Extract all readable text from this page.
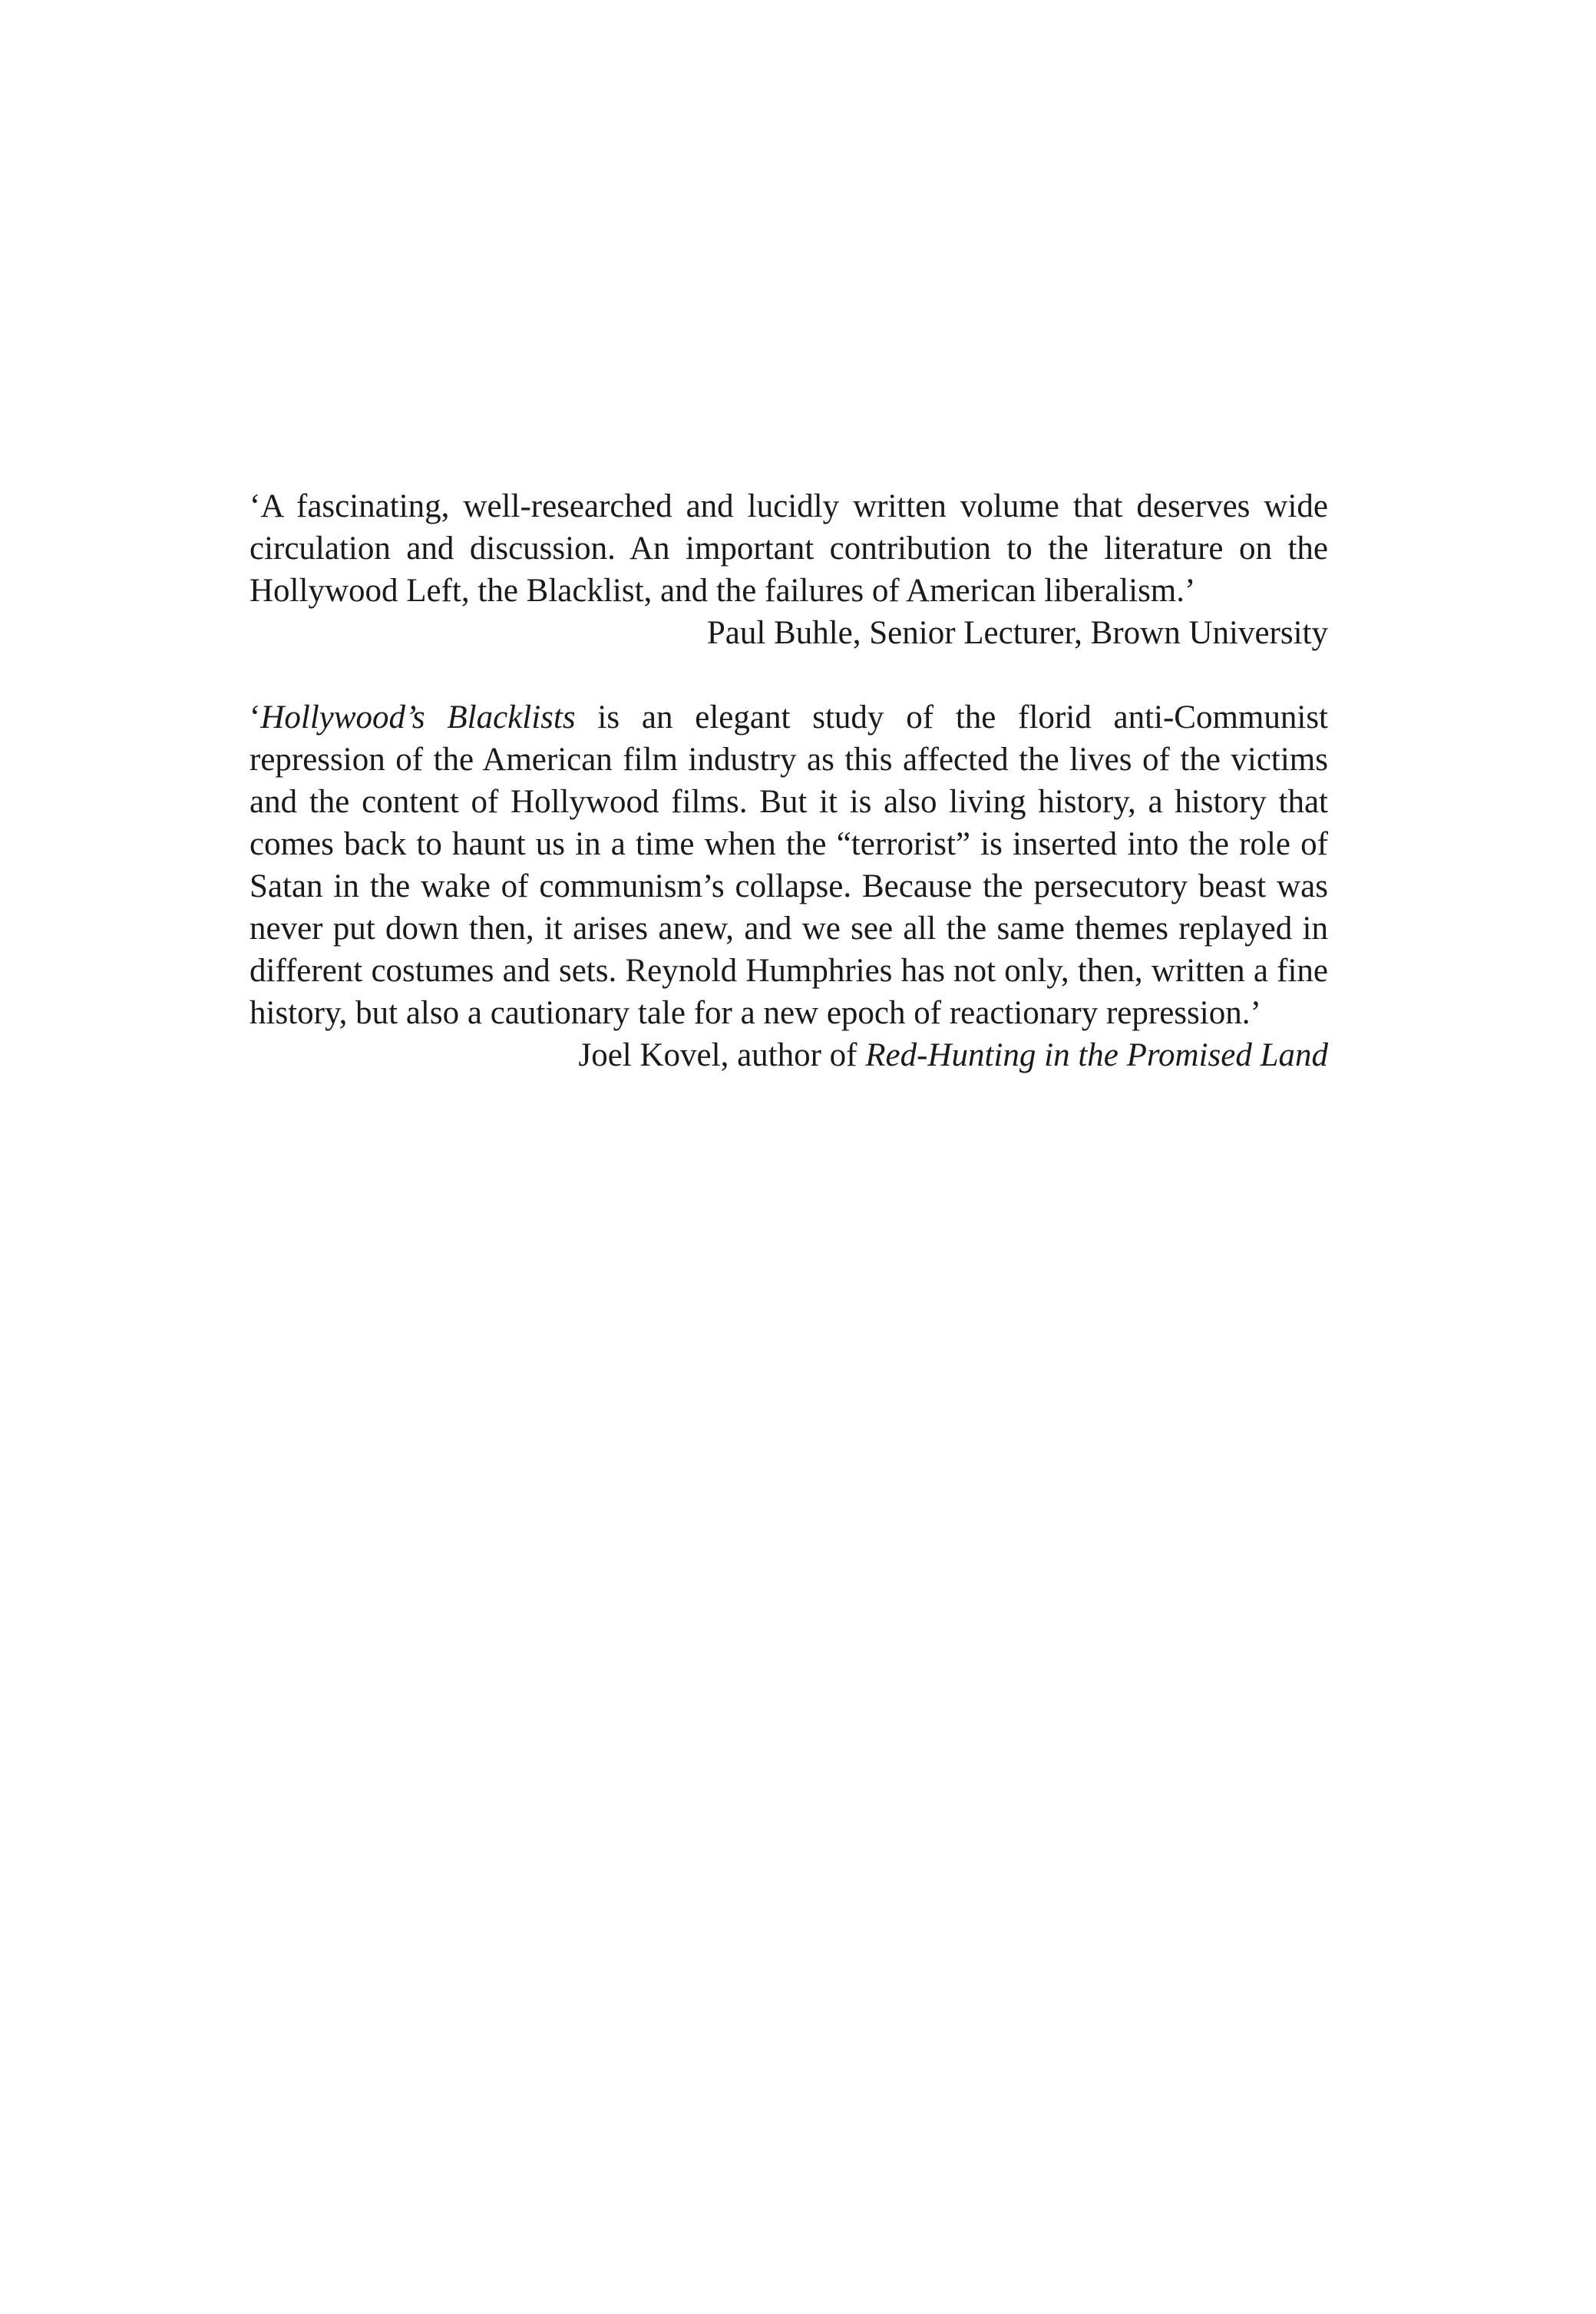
‘A fascinating, well-researched and lucidly written volume that deserves wide circulation and discussion. An important contribution to the literature on the Hollywood Left, the Blacklist, and the failures of American liberalism.’

Paul Buhle, Senior Lecturer, Brown University

‘Hollywood’s Blacklists is an elegant study of the florid anti-Communist repression of the American film industry as this affected the lives of the victims and the content of Hollywood films. But it is also living history, a history that comes back to haunt us in a time when the “terrorist” is inserted into the role of Satan in the wake of communism’s collapse. Because the persecutory beast was never put down then, it arises anew, and we see all the same themes replayed in different costumes and sets. Reynold Humphries has not only, then, written a fine history, but also a cautionary tale for a new epoch of reactionary repression.’

Joel Kovel, author of Red-Hunting in the Promised Land
